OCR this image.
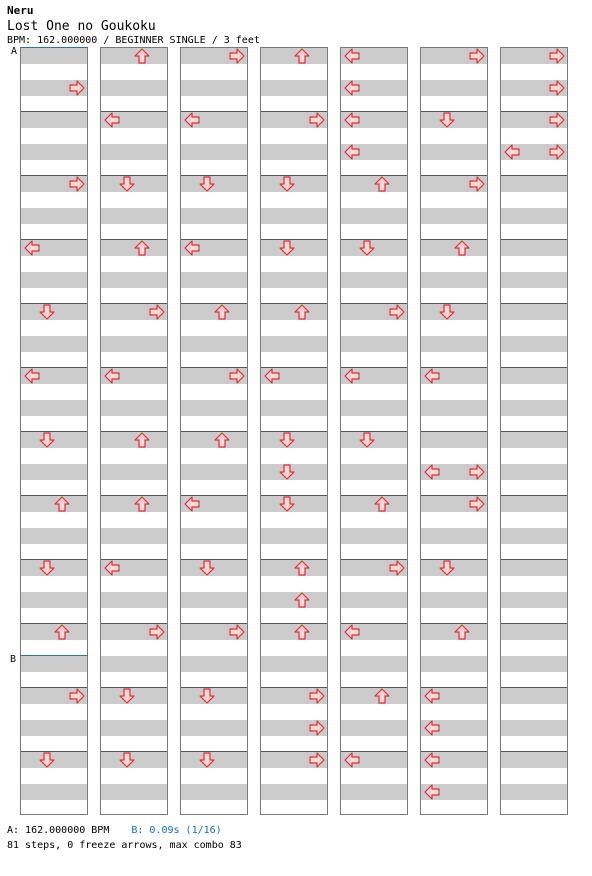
Neru
Lost One no Goukoku
BPM: 162.000000 / BEGINNER SINGLE / 3 feet
A
B
A: 162.000000 BPM B: 0.09s (1/16)
81 steps, 0 freeze arrows, max combo 83
